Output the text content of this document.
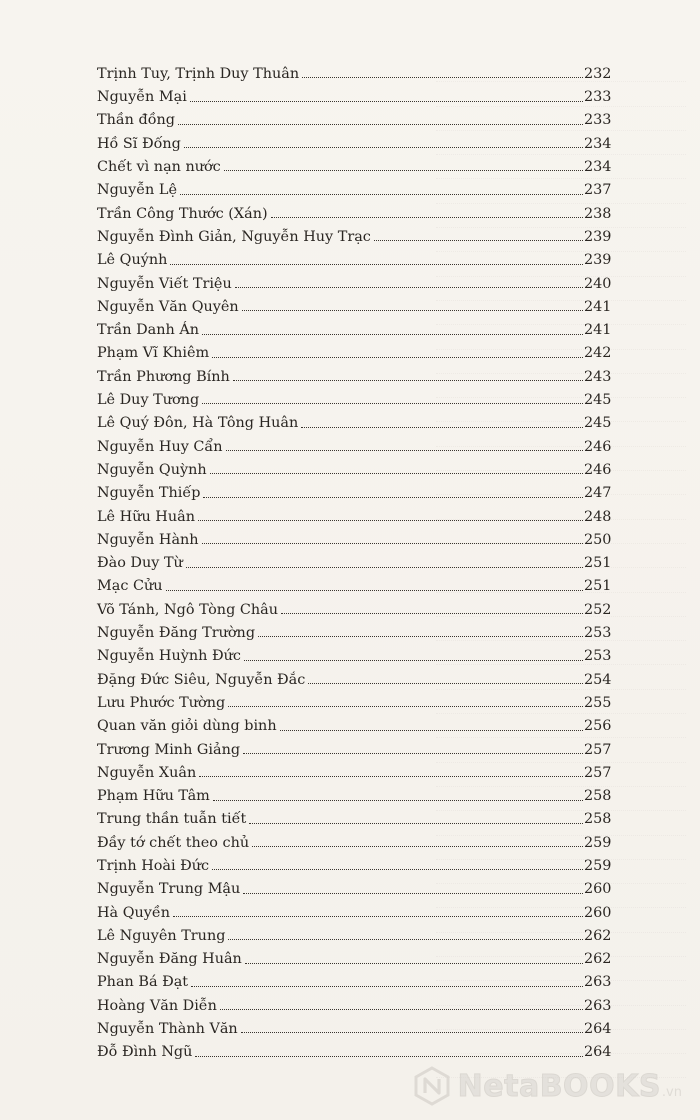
Trịnh Tuy, Trịnh Duy Thuân	232
Nguyễn Mại	233
Thần đồng	233
Hồ Sĩ Đống	234
Chết vì nạn nước	234
Nguyễn Lệ	237
Trần Công Thước (Xán)	238
Nguyễn Đình Giản, Nguyễn Huy Trạc	239
Lê Quýnh	239
Nguyễn Viết Triệu	240
Nguyễn Văn Quyên	241
Trần Danh Án	241
Phạm Vĩ Khiêm	242
Trần Phương Bính	243
Lê Duy Tương	245
Lê Quý Đôn, Hà Tông Huân	245
Nguyễn Huy Cẩn	246
Nguyễn Quỳnh	246
Nguyễn Thiếp	247
Lê Hữu Huân	248
Nguyễn Hành	250
Đào Duy Từ	251
Mạc Cửu	251
Võ Tánh, Ngô Tòng Châu	252
Nguyễn Đăng Trường	253
Nguyễn Huỳnh Đức	253
Đặng Đức Siêu, Nguyễn Đắc	254
Lưu Phước Tường	255
Quan văn giỏi dùng binh	256
Trương Minh Giảng	257
Nguyễn Xuân	257
Phạm Hữu Tâm	258
Trung thần tuẫn tiết	258
Đầy tớ chết theo chủ	259
Trịnh Hoài Đức	259
Nguyễn Trung Mậu	260
Hà Quyền	260
Lê Nguyên Trung	262
Nguyễn Đăng Huân	262
Phan Bá Đạt	263
Hoàng Văn Diễn	263
Nguyễn Thành Văn	264
Đỗ Đình Ngũ	264
NetaBOOKS .vn
